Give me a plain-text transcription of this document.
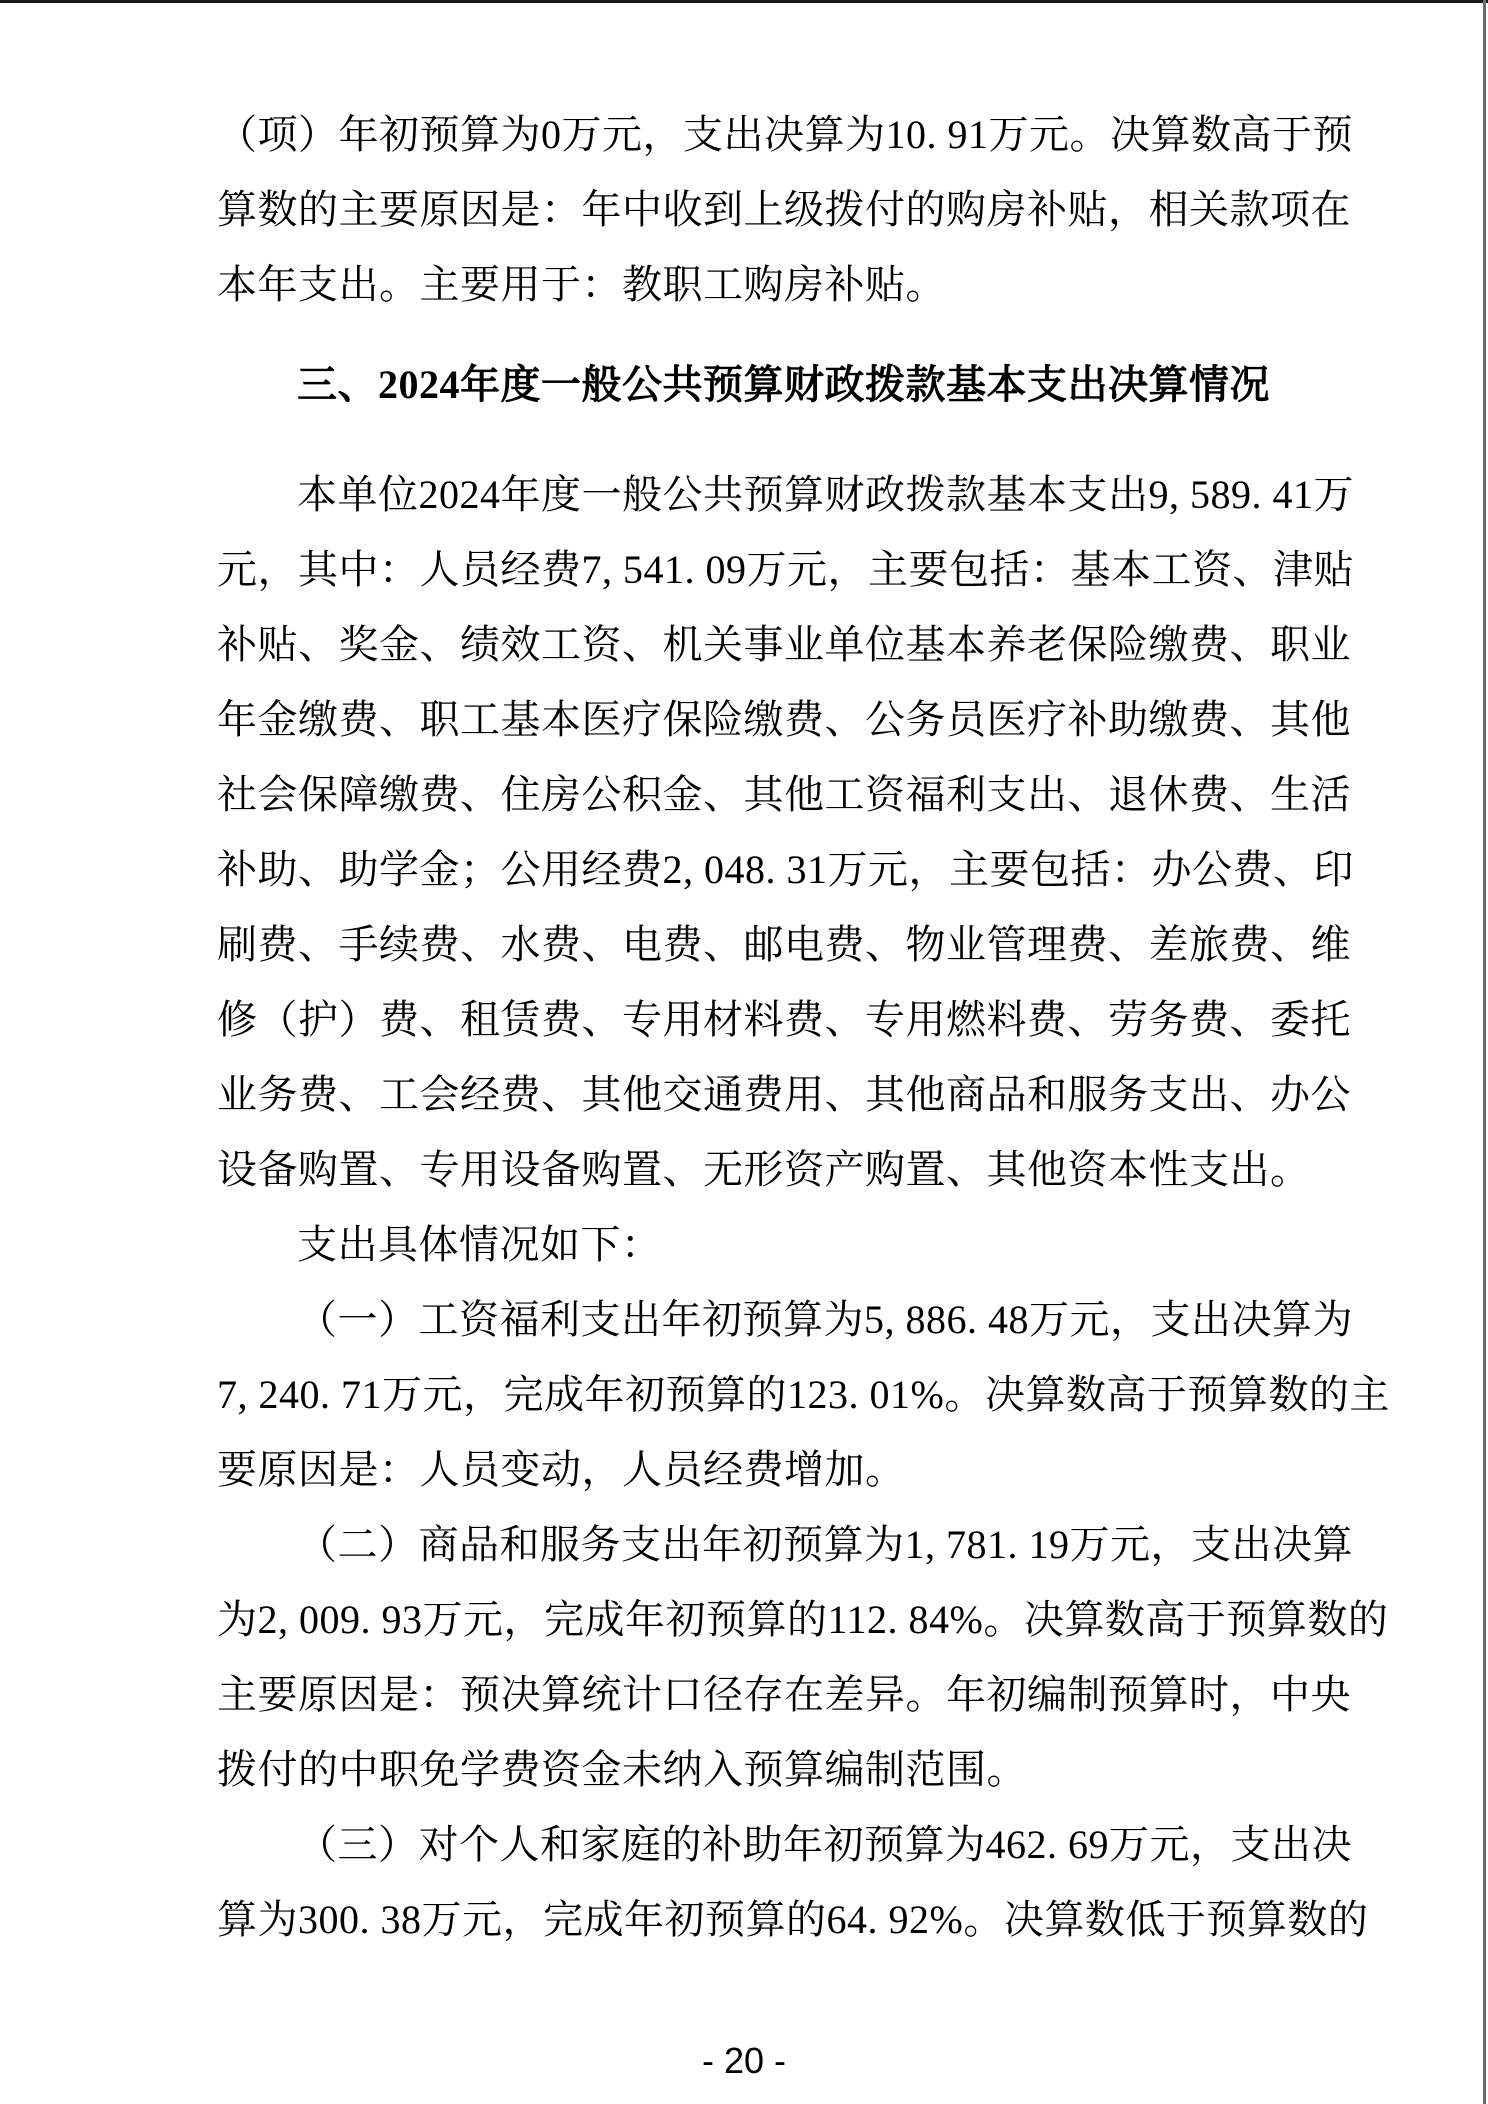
（项）年初预算为0万元，支出决算为10. 91万元。决算数高于预
算数的主要原因是：年中收到上级拨付的购房补贴，相关款项在
本年支出。主要用于：教职工购房补贴。
三、2024年度一般公共预算财政拨款基本支出决算情况
本单位2024年度一般公共预算财政拨款基本支出9, 589. 41万
元，其中：人员经费7, 541. 09万元，主要包括：基本工资、津贴
补贴、奖金、绩效工资、机关事业单位基本养老保险缴费、职业
年金缴费、职工基本医疗保险缴费、公务员医疗补助缴费、其他
社会保障缴费、住房公积金、其他工资福利支出、退休费、生活
补助、助学金；公用经费2, 048. 31万元，主要包括：办公费、印
刷费、手续费、水费、电费、邮电费、物业管理费、差旅费、维
修（护）费、租赁费、专用材料费、专用燃料费、劳务费、委托
业务费、工会经费、其他交通费用、其他商品和服务支出、办公
设备购置、专用设备购置、无形资产购置、其他资本性支出。
支出具体情况如下：
（一）工资福利支出年初预算为5, 886. 48万元，支出决算为
7, 240. 71万元，完成年初预算的123. 01%。决算数高于预算数的主
要原因是：人员变动，人员经费增加。
（二）商品和服务支出年初预算为1, 781. 19万元，支出决算
为2, 009. 93万元，完成年初预算的112. 84%。决算数高于预算数的
主要原因是：预决算统计口径存在差异。年初编制预算时，中央
拨付的中职免学费资金未纳入预算编制范围。
（三）对个人和家庭的补助年初预算为462. 69万元，支出决
算为300. 38万元，完成年初预算的64. 92%。决算数低于预算数的
- 20 -
